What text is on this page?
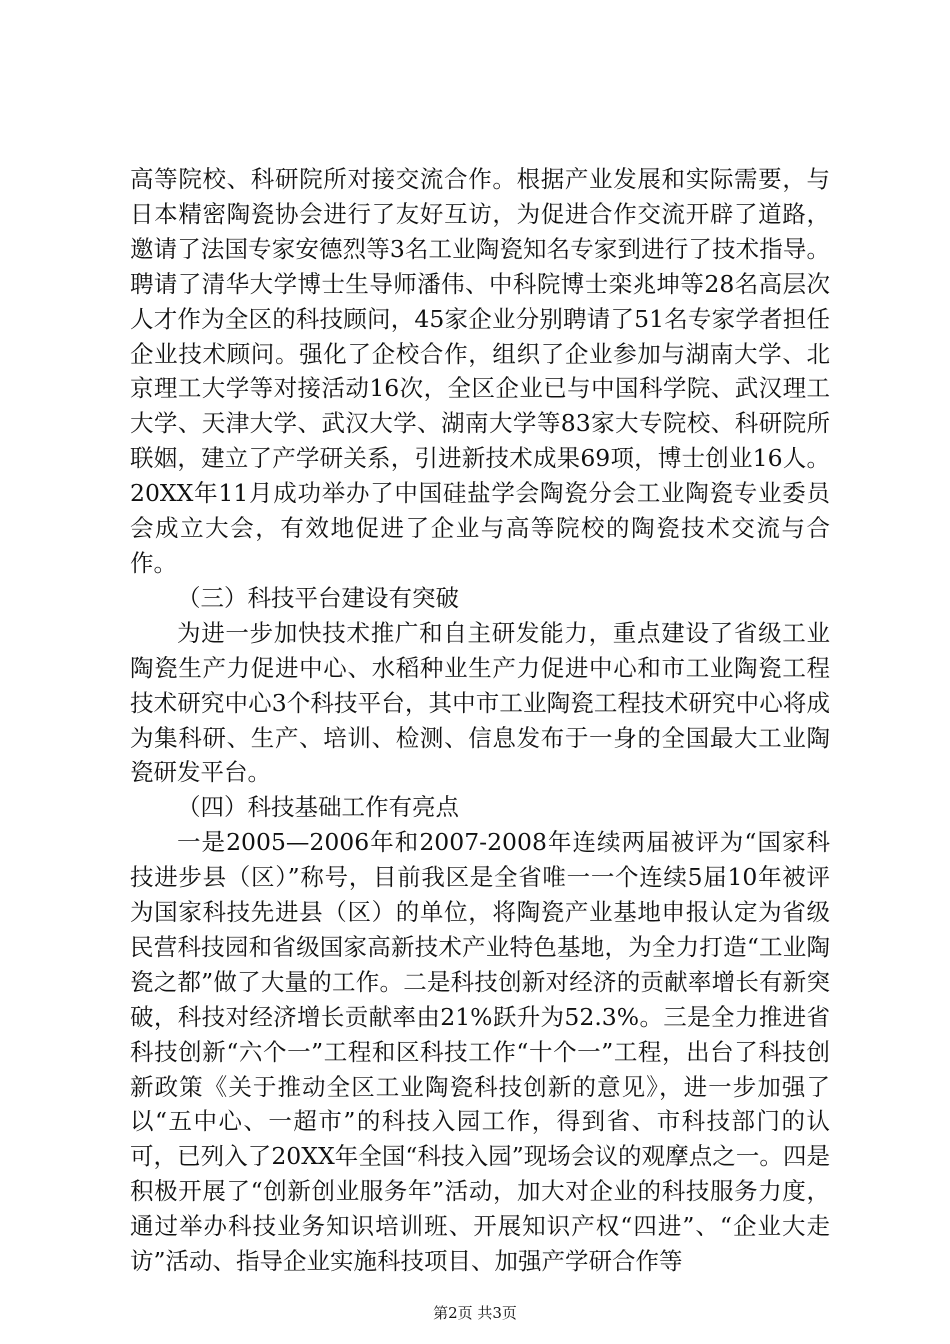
高等院校、科研院所对接交流合作。根据产业发展和实际需要，与日本精密陶瓷协会进行了友好互访，为促进合作交流开辟了道路，邀请了法国专家安德烈等3名工业陶瓷知名专家到进行了技术指导。聘请了清华大学博士生导师潘伟、中科院博士栾兆坤等28名高层次人才作为全区的科技顾问，45家企业分别聘请了51名专家学者担任企业技术顾问。强化了企校合作，组织了企业参加与湖南大学、北京理工大学等对接活动16次，全区企业已与中国科学院、武汉理工大学、天津大学、武汉大学、湖南大学等83家大专院校、科研院所联姻，建立了产学研关系，引进新技术成果69项，博士创业16人。20XX年11月成功举办了中国硅盐学会陶瓷分会工业陶瓷专业委员会成立大会，有效地促进了企业与高等院校的陶瓷技术交流与合作。

（三）科技平台建设有突破

为进一步加快技术推广和自主研发能力，重点建设了省级工业陶瓷生产力促进中心、水稻种业生产力促进中心和市工业陶瓷工程技术研究中心3个科技平台，其中市工业陶瓷工程技术研究中心将成为集科研、生产、培训、检测、信息发布于一身的全国最大工业陶瓷研发平台。

（四）科技基础工作有亮点

一是2005—2006年和2007-2008年连续两届被评为“国家科技进步县（区）”称号，目前我区是全省唯一一个连续5届10年被评为国家科技先进县（区）的单位，将陶瓷产业基地申报认定为省级民营科技园和省级国家高新技术产业特色基地，为全力打造“工业陶瓷之都”做了大量的工作。二是科技创新对经济的贡献率增长有新突破，科技对经济增长贡献率由21%跃升为52.3%。三是全力推进省科技创新“六个一”工程和区科技工作“十个一”工程，出台了科技创新政策《关于推动全区工业陶瓷科技创新的意见》，进一步加强了以“五中心、一超市”的科技入园工作，得到省、市科技部门的认可，已列入了20XX年全国“科技入园”现场会议的观摩点之一。四是积极开展了“创新创业服务年”活动，加大对企业的科技服务力度，通过举办科技业务知识培训班、开展知识产权“四进”、“企业大走访”活动、指导企业实施科技项目、加强产学研合作等

第2页 共3页
